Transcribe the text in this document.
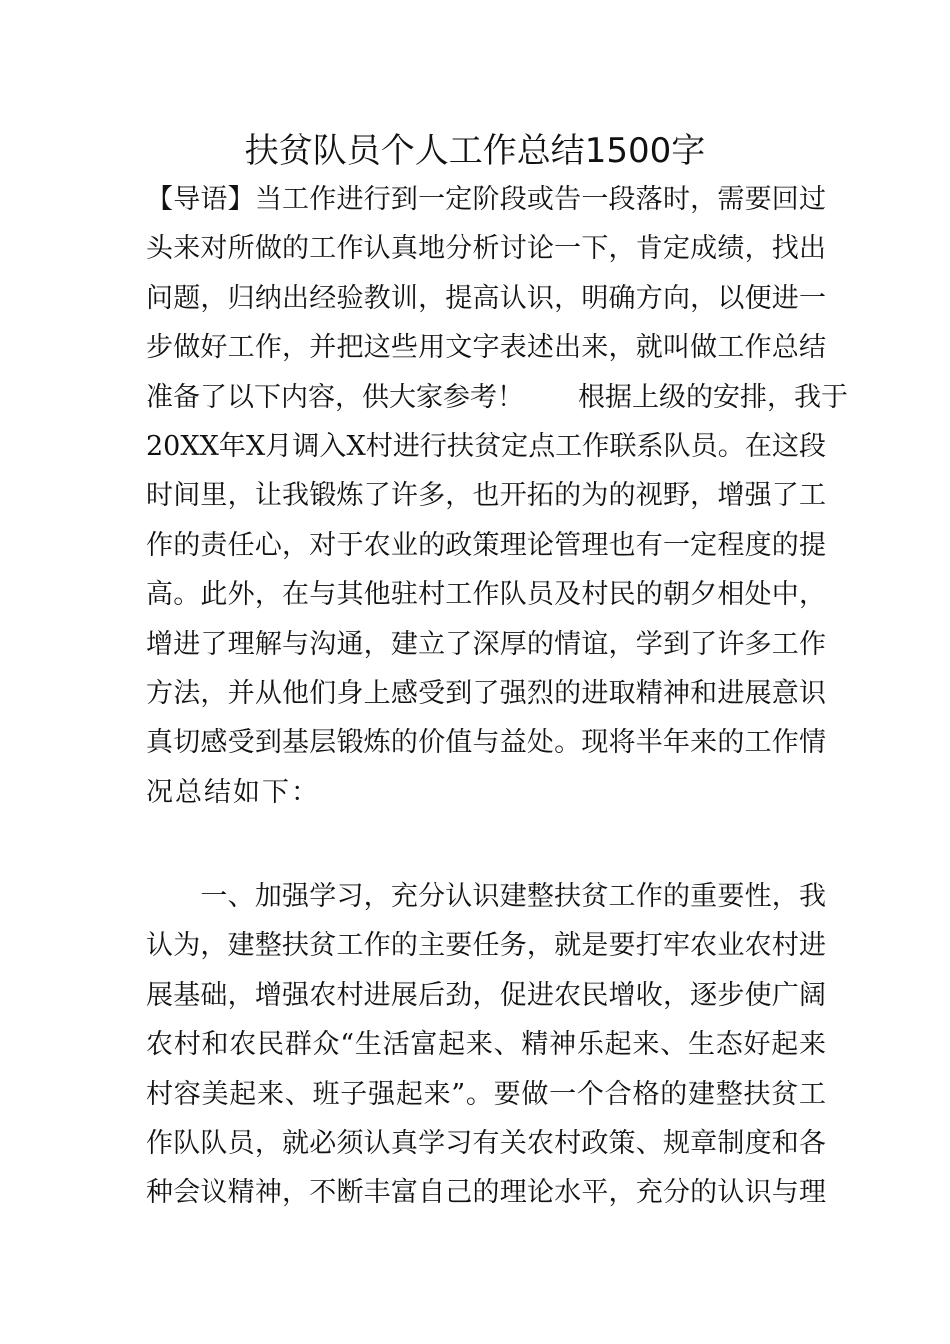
扶贫队员个人工作总结1500字
【导语】当工作进行到一定阶段或告一段落时，需要回过
头来对所做的工作认真地分析讨论一下，肯定成绩，找出
问题，归纳出经验教训，提高认识，明确方向，以便进一
步做好工作，并把这些用文字表述出来，就叫做工作总结
准备了以下内容，供大家参考！　　根据上级的安排，我于
20XX年X月调入X村进行扶贫定点工作联系队员。在这段
时间里，让我锻炼了许多，也开拓的为的视野，增强了工
作的责任心，对于农业的政策理论管理也有一定程度的提
高。此外，在与其他驻村工作队员及村民的朝夕相处中，
增进了理解与沟通，建立了深厚的情谊，学到了许多工作
方法，并从他们身上感受到了强烈的进取精神和进展意识
真切感受到基层锻炼的价值与益处。现将半年来的工作情
况总结如下：
　　一、加强学习，充分认识建整扶贫工作的重要性，我
认为，建整扶贫工作的主要任务，就是要打牢农业农村进
展基础，增强农村进展后劲，促进农民增收，逐步使广阔
农村和农民群众“生活富起来、精神乐起来、生态好起来
村容美起来、班子强起来”。要做一个合格的建整扶贫工
作队队员，就必须认真学习有关农村政策、规章制度和各
种会议精神，不断丰富自己的理论水平，充分的认识与理
